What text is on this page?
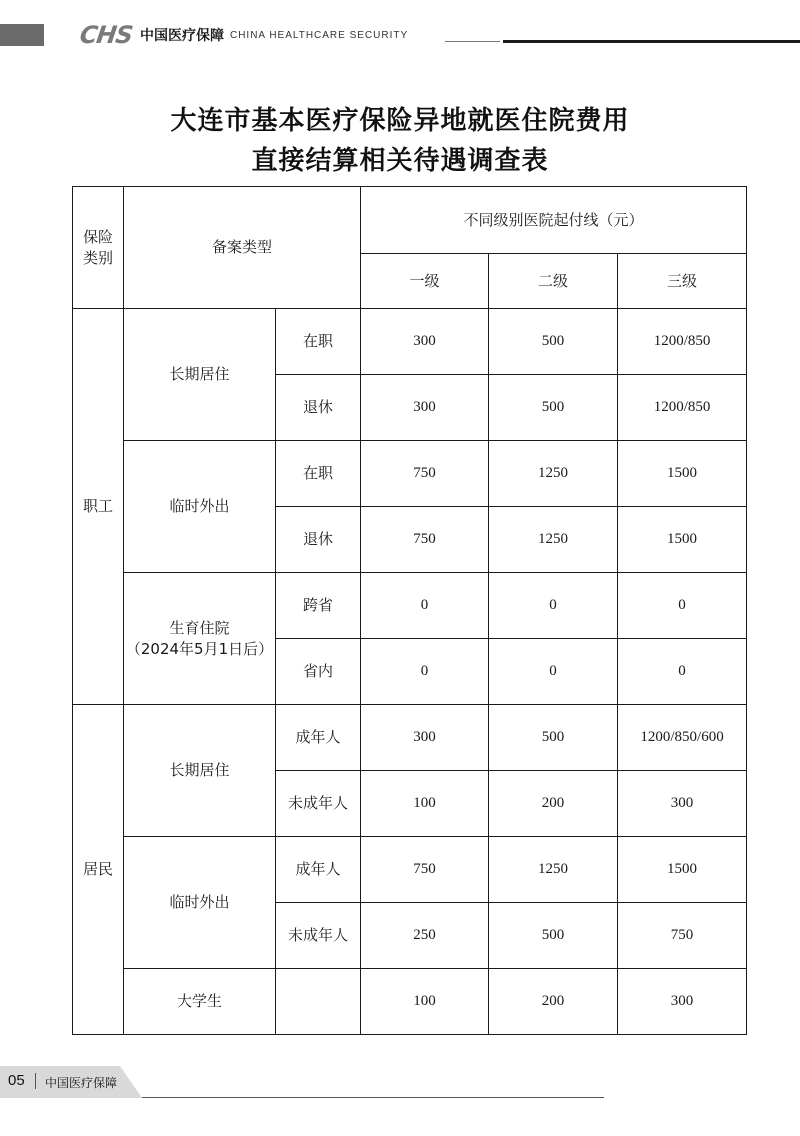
CHS 中国医疗保障 CHINA HEALTHCARE SECURITY
大连市基本医疗保险异地就医住院费用
直接结算相关待遇调查表
保险
类别	备案类型		不同级别医院起付线（元）		
			一级	二级	三级
职工	长期居住	在职	300	500	1200/850
		退休	300	500	1200/850
	临时外出	在职	750	1250	1500
		退休	750	1250	1500
	生育住院
（2024年5月1日后）	跨省	0	0	0
		省内	0	0	0
居民	长期居住	成年人	300	500	1200/850/600
		未成年人	100	200	300
	临时外出	成年人	750	1250	1500
		未成年人	250	500	750
	大学生		100	200	300
05 中国医疗保障
